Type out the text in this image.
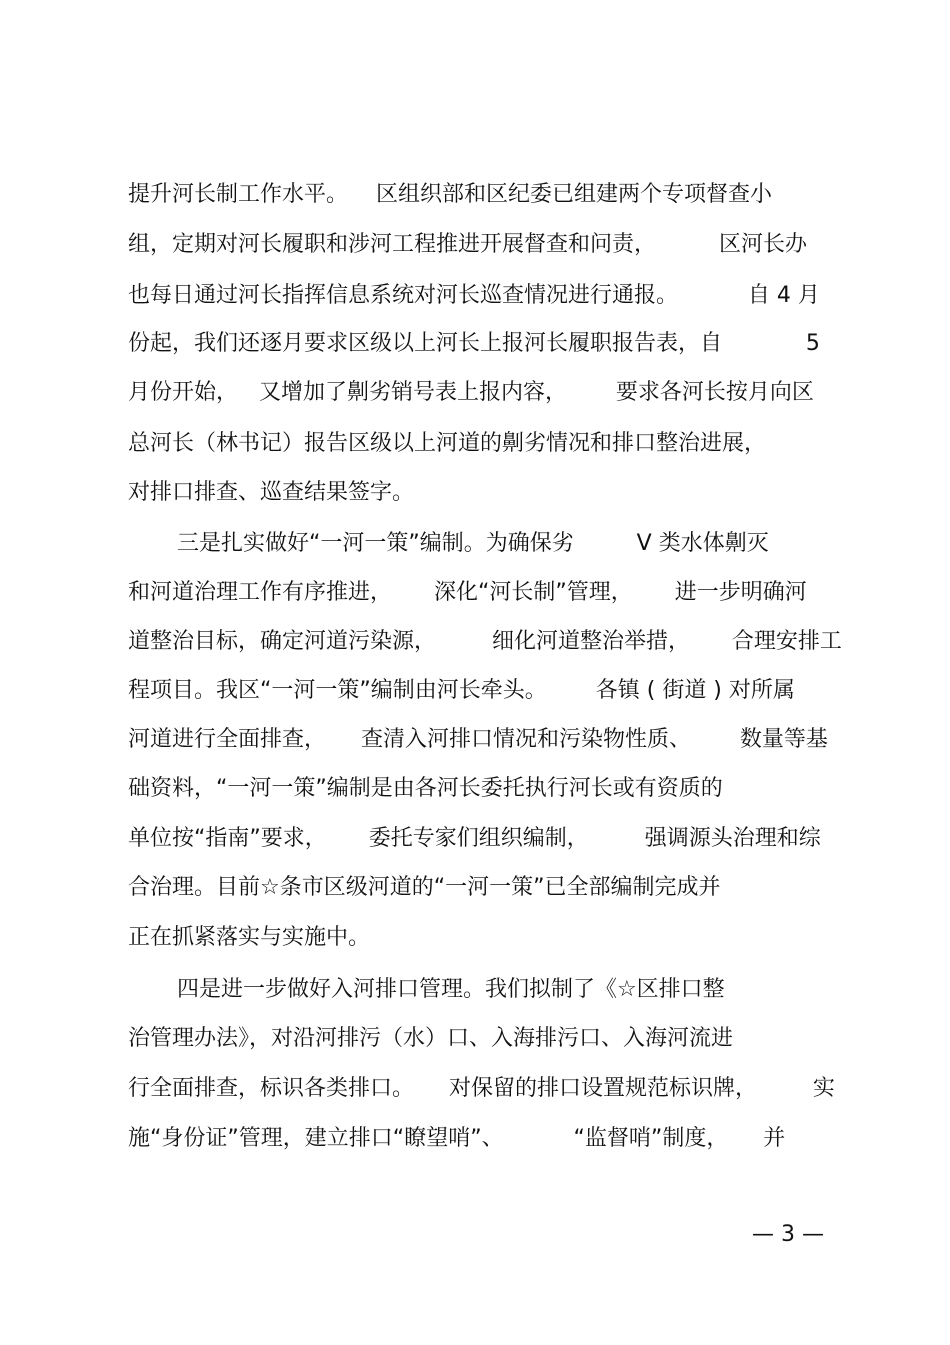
提升河长制工作水平。    区组织部和区纪委已组建两个专项督查小
组，定期对河长履职和涉河工程推进开展督查和问责，         区河长办
也每日通过河长指挥信息系统对河长巡查情况进行通报。          自 4 月
份起，我们还逐月要求区级以上河长上报河长履职报告表，自            5
月份开始，   又增加了劓劣销号表上报内容，       要求各河长按月向区
总河长（林书记）报告区级以上河道的劓劣情况和排口整治进展，
对排口排查、巡查结果签字。
三是扎实做好“一河一策”编制。为确保劣         V 类水体劓灭
和河道治理工作有序推进，      深化“河长制”管理，      进一步明确河
道整治目标，确定河道污染源，        细化河道整治举措，      合理安排工
程项目。我区“一河一策”编制由河长牵头。       各镇 ( 街道 ) 对所属
河道进行全面排查，     查清入河排口情况和污染物性质、       数量等基
础资料，“一河一策”编制是由各河长委托执行河长或有资质的
单位按“指南”要求，      委托专家们组织编制，        强调源头治理和综
合治理。目前☆条市区级河道的“一河一策”已全部编制完成并
正在抓紧落实与实施中。
四是进一步做好入河排口管理。我们拟制了《☆区排口整
治管理办法》，对沿河排污（水）口、入海排污口、入海河流进
行全面排查，标识各类排口。     对保留的排口设置规范标识牌，        实
施“身份证”管理，建立排口“瞭望哨”、          “监督哨”制度，     并
— 3 —
